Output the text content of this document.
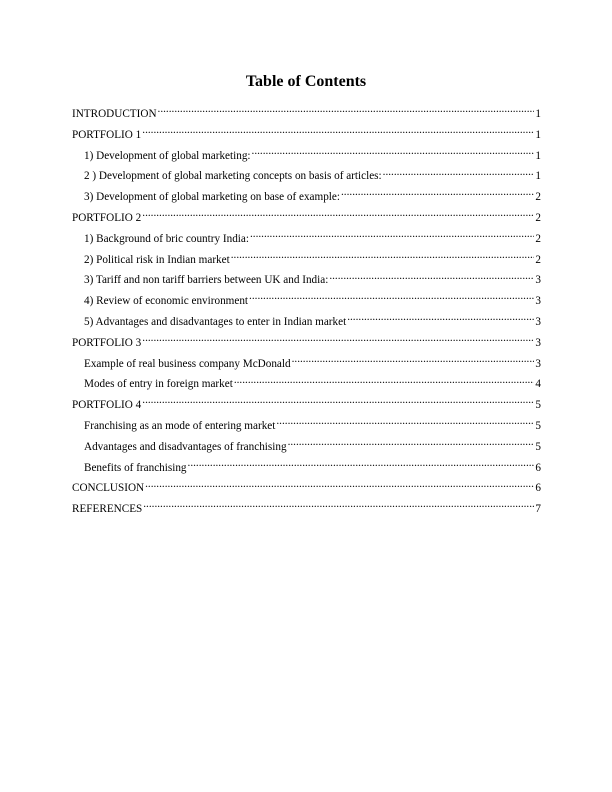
Table of Contents
INTRODUCTION .....	1
PORTFOLIO 1 .....	1
1) Development of global marketing: .....	1
2 ) Development of global marketing concepts on basis of articles: .....	1
3) Development of global marketing on base of example: .....	2
PORTFOLIO 2 .....	2
1) Background of bric country India: .....	2
2) Political risk in Indian market .....	2
3) Tariff and non tariff barriers between UK and India: .....	3
4) Review of economic environment .....	3
5) Advantages and disadvantages to enter in Indian market .....	3
PORTFOLIO 3 .....	3
Example of real business company McDonald .....	3
Modes of entry in foreign market .....	4
PORTFOLIO 4 .....	5
Franchising as an mode of entering market .....	5
Advantages and disadvantages of franchising .....	5
Benefits of franchising .....	6
CONCLUSION .....	6
REFERENCES .....	7
